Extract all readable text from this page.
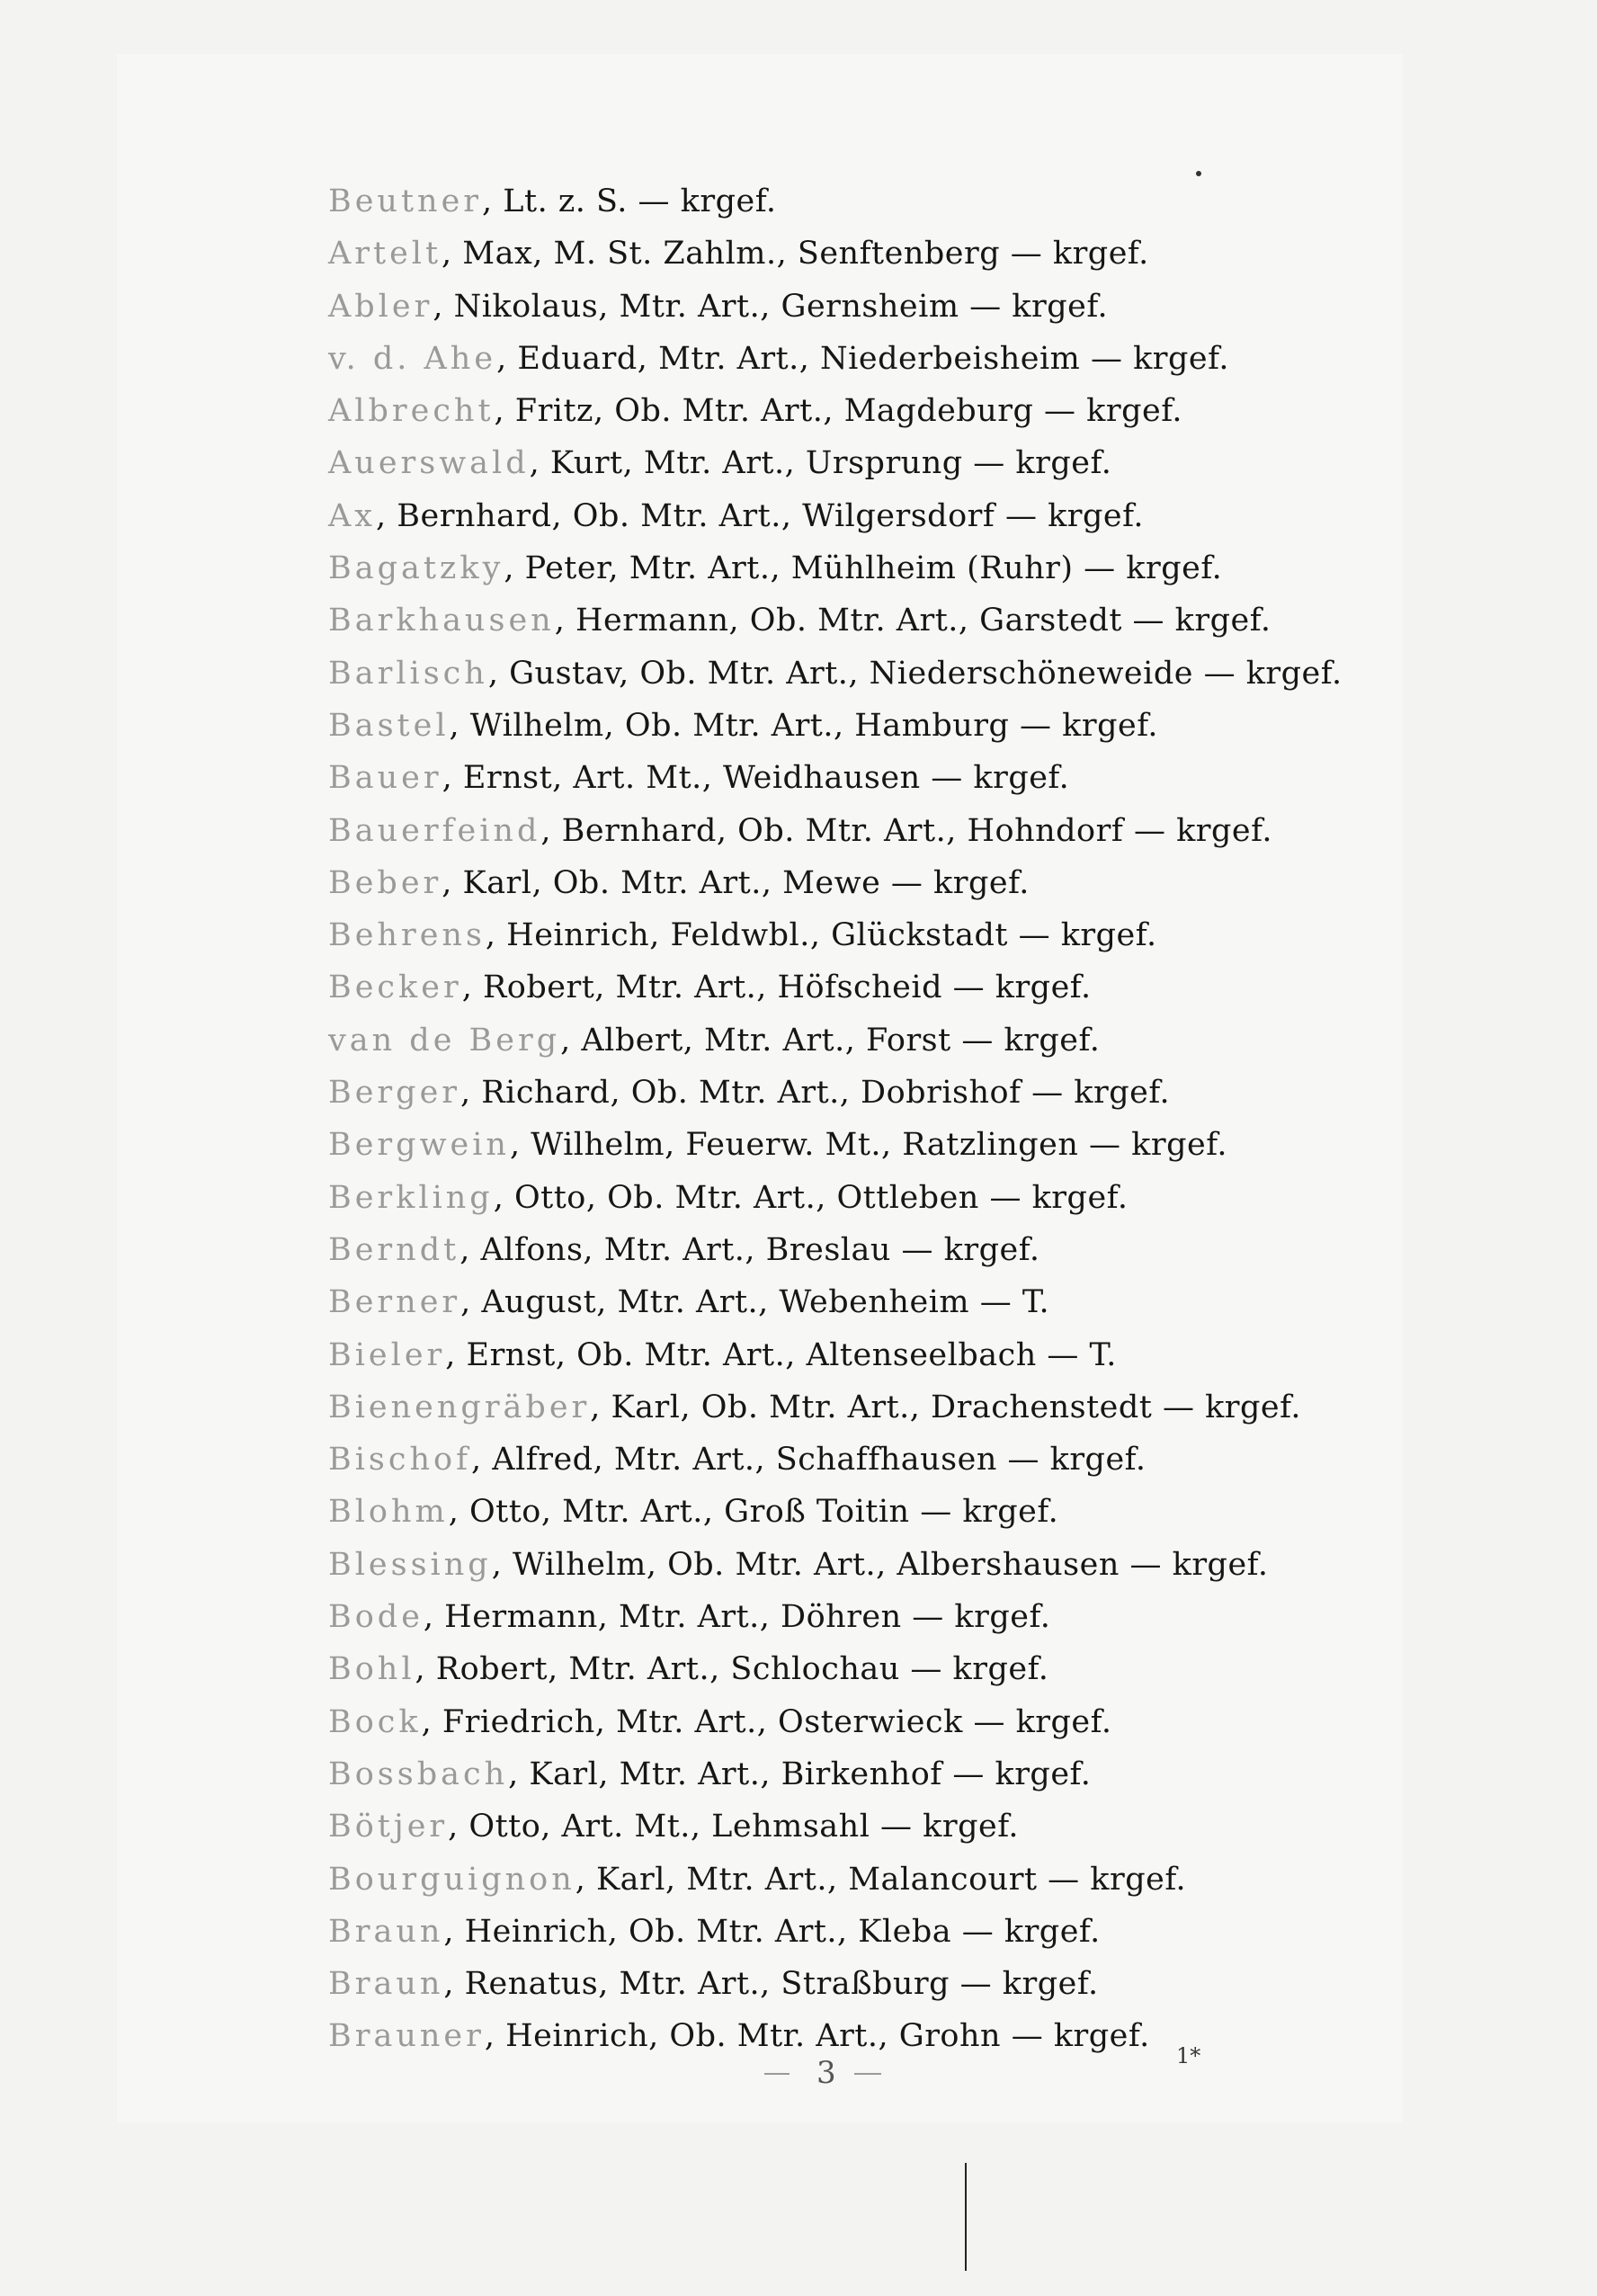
Beutner, Lt. z. S. — krgef.
Artelt, Max, M. St. Zahlm., Senftenberg — krgef.
Abler, Nikolaus, Mtr. Art., Gernsheim — krgef.
v. d. Ahe, Eduard, Mtr. Art., Niederbeisheim — krgef.
Albrecht, Fritz, Ob. Mtr. Art., Magdeburg — krgef.
Auerswald, Kurt, Mtr. Art., Ursprung — krgef.
Ax, Bernhard, Ob. Mtr. Art., Wilgersdorf — krgef.
Bagatzky, Peter, Mtr. Art., Mühlheim (Ruhr) — krgef.
Barkhausen, Hermann, Ob. Mtr. Art., Garstedt — krgef.
Barlisch, Gustav, Ob. Mtr. Art., Niederschöneweide — krgef.
Bastel, Wilhelm, Ob. Mtr. Art., Hamburg — krgef.
Bauer, Ernst, Art. Mt., Weidhausen — krgef.
Bauerfeind, Bernhard, Ob. Mtr. Art., Hohndorf — krgef.
Beber, Karl, Ob. Mtr. Art., Mewe — krgef.
Behrens, Heinrich, Feldwbl., Glückstadt — krgef.
Becker, Robert, Mtr. Art., Höfscheid — krgef.
van de Berg, Albert, Mtr. Art., Forst — krgef.
Berger, Richard, Ob. Mtr. Art., Dobrishof — krgef.
Bergwein, Wilhelm, Feuerw. Mt., Ratzlingen — krgef.
Berkling, Otto, Ob. Mtr. Art., Ottleben — krgef.
Berndt, Alfons, Mtr. Art., Breslau — krgef.
Berner, August, Mtr. Art., Webenheim — T.
Bieler, Ernst, Ob. Mtr. Art., Altenseelbach — T.
Bienengräber, Karl, Ob. Mtr. Art., Drachenstedt — krgef.
Bischof, Alfred, Mtr. Art., Schaffhausen — krgef.
Blohm, Otto, Mtr. Art., Groß Toitin — krgef.
Blessing, Wilhelm, Ob. Mtr. Art., Albershausen — krgef.
Bode, Hermann, Mtr. Art., Döhren — krgef.
Bohl, Robert, Mtr. Art., Schlochau — krgef.
Bock, Friedrich, Mtr. Art., Osterwieck — krgef.
Bossbach, Karl, Mtr. Art., Birkenhof — krgef.
Bötjer, Otto, Art. Mt., Lehmsahl — krgef.
Bourguignon, Karl, Mtr. Art., Malancourt — krgef.
Braun, Heinrich, Ob. Mtr. Art., Kleba — krgef.
Braun, Renatus, Mtr. Art., Straßburg — krgef.
Brauner, Heinrich, Ob. Mtr. Art., Grohn — krgef.
3	1*
